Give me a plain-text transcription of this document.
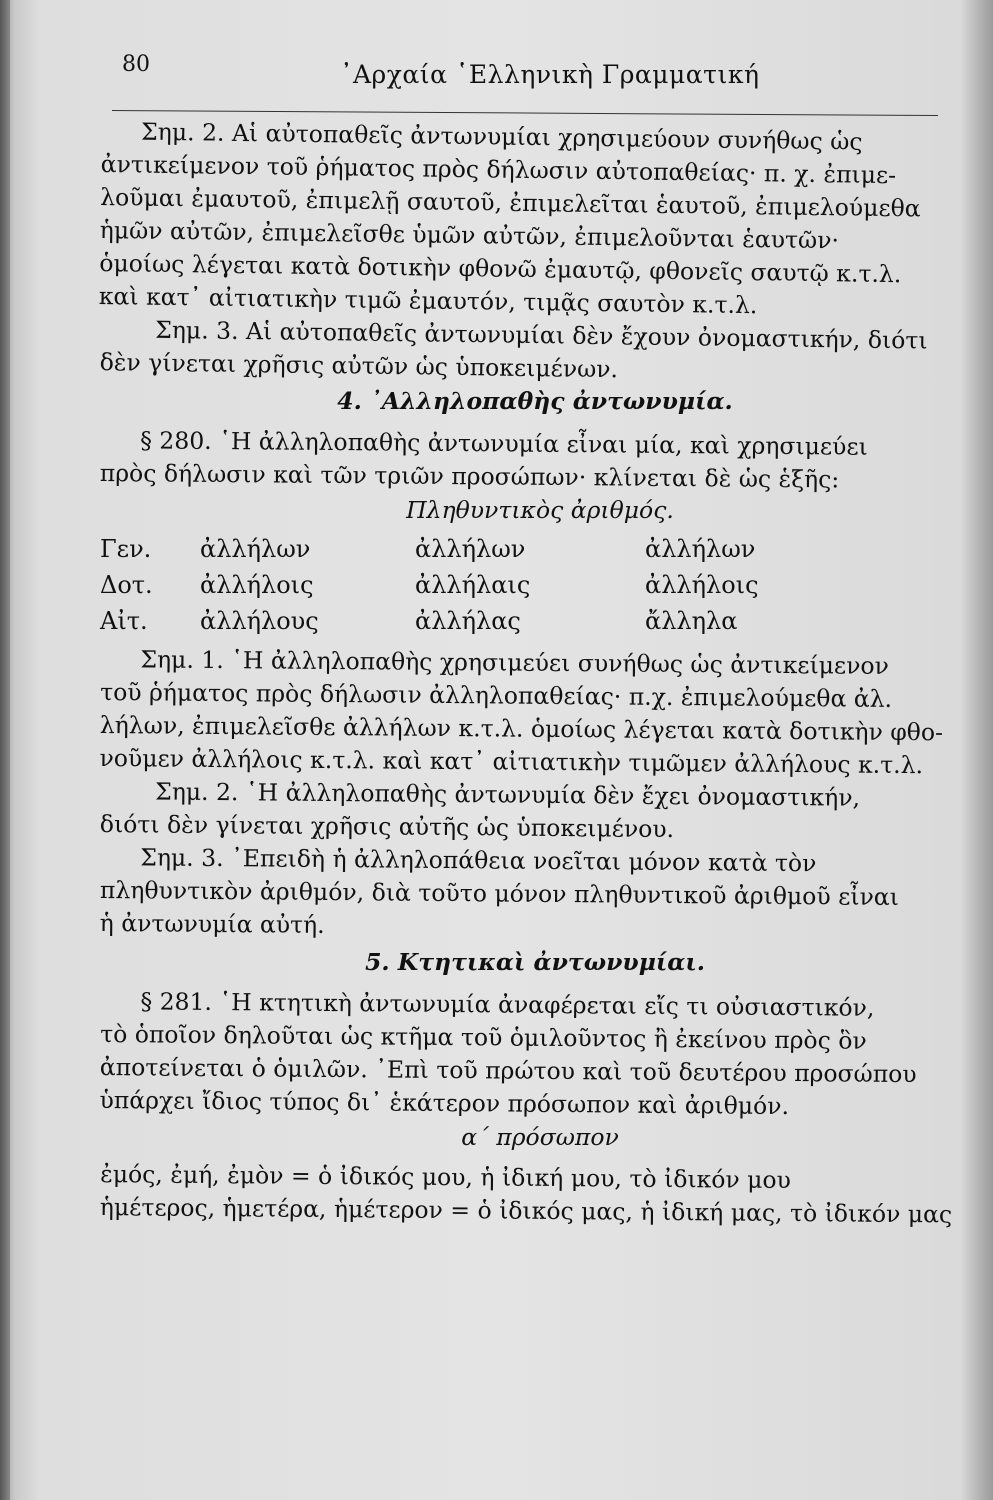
80	᾿Αρχαία ῾Ελληνικὴ Γραμματική
Σημ. 2. Αἱ αὐτοπαθεῖς ἀντωνυμίαι χρησιμεύουν συνήθως ὡς
ἀντικείμενον τοῦ ῥήματος πρὸς δήλωσιν αὐτοπαθείας· π. χ. ἐπιμε-
λοῦμαι ἐμαυτοῦ, ἐπιμελῇ σαυτοῦ, ἐπιμελεῖται ἑαυτοῦ, ἐπιμελούμεθα
ἡμῶν αὐτῶν, ἐπιμελεῖσθε ὑμῶν αὐτῶν, ἐπιμελοῦνται ἑαυτῶν·
ὁμοίως λέγεται κατὰ δοτικὴν φθονῶ ἐμαυτῷ, φθονεῖς σαυτῷ κ.τ.λ.
καὶ κατ᾿ αἰτιατικὴν τιμῶ ἐμαυτόν, τιμᾷς σαυτὸν κ.τ.λ.
Σημ. 3. Αἱ αὐτοπαθεῖς ἀντωνυμίαι δὲν ἔχουν ὀνομαστικήν, διότι
δὲν γίνεται χρῆσις αὐτῶν ὡς ὑποκειμένων.
4. ᾿Αλληλοπαθὴς ἀντωνυμία.
§ 280. ῾Η ἀλληλοπαθὴς ἀντωνυμία εἶναι μία, καὶ χρησιμεύει
πρὸς δήλωσιν καὶ τῶν τριῶν προσώπων· κλίνεται δὲ ὡς ἑξῆς:
Πληθυντικὸς ἀριθμός.
Γεν.	ἀλλήλων	ἀλλήλων	ἀλλήλων
Δοτ.	ἀλλήλοις	ἀλλήλαις	ἀλλήλοις
Αἰτ.	ἀλλήλους	ἀλλήλας	ἄλληλα
Σημ. 1. ῾Η ἀλληλοπαθὴς χρησιμεύει συνήθως ὡς ἀντικείμενον
τοῦ ῥήματος πρὸς δήλωσιν ἀλληλοπαθείας· π.χ. ἐπιμελούμεθα ἀλ.
λήλων, ἐπιμελεῖσθε ἀλλήλων κ.τ.λ. ὁμοίως λέγεται κατὰ δοτικὴν φθο-
νοῦμεν ἀλλήλοις κ.τ.λ. καὶ κατ᾿ αἰτιατικὴν τιμῶμεν ἀλλήλους κ.τ.λ.
Σημ. 2. ῾Η ἀλληλοπαθὴς ἀντωνυμία δὲν ἔχει ὀνομαστικήν,
διότι δὲν γίνεται χρῆσις αὐτῆς ὡς ὑποκειμένου.
Σημ. 3. ᾿Επειδὴ ἡ ἀλληλοπάθεια νοεῖται μόνον κατὰ τὸν
πληθυντικὸν ἀριθμόν, διὰ τοῦτο μόνον πληθυντικοῦ ἀριθμοῦ εἶναι
ἡ ἀντωνυμία αὐτή.
5. Κτητικαὶ ἀντωνυμίαι.
§ 281. ῾Η κτητικὴ ἀντωνυμία ἀναφέρεται εἴς τι οὐσιαστικόν,
τὸ ὁποῖον δηλοῦται ὡς κτῆμα τοῦ ὁμιλοῦντος ἢ ἐκείνου πρὸς ὃν
ἀποτείνεται ὁ ὁμιλῶν. ᾿Επὶ τοῦ πρώτου καὶ τοῦ δευτέρου προσώπου
ὑπάρχει ἴδιος τύπος δι᾿ ἑκάτερον πρόσωπον καὶ ἀριθμόν.
α΄ πρόσωπον
ἐμός, ἐμή, ἐμὸν = ὁ ἰδικός μου, ἡ ἰδική μου, τὸ ἰδικόν μου
ἡμέτερος, ἡμετέρα, ἡμέτερον = ὁ ἰδικός μας, ἡ ἰδική μας, τὸ ἰδικόν μας
